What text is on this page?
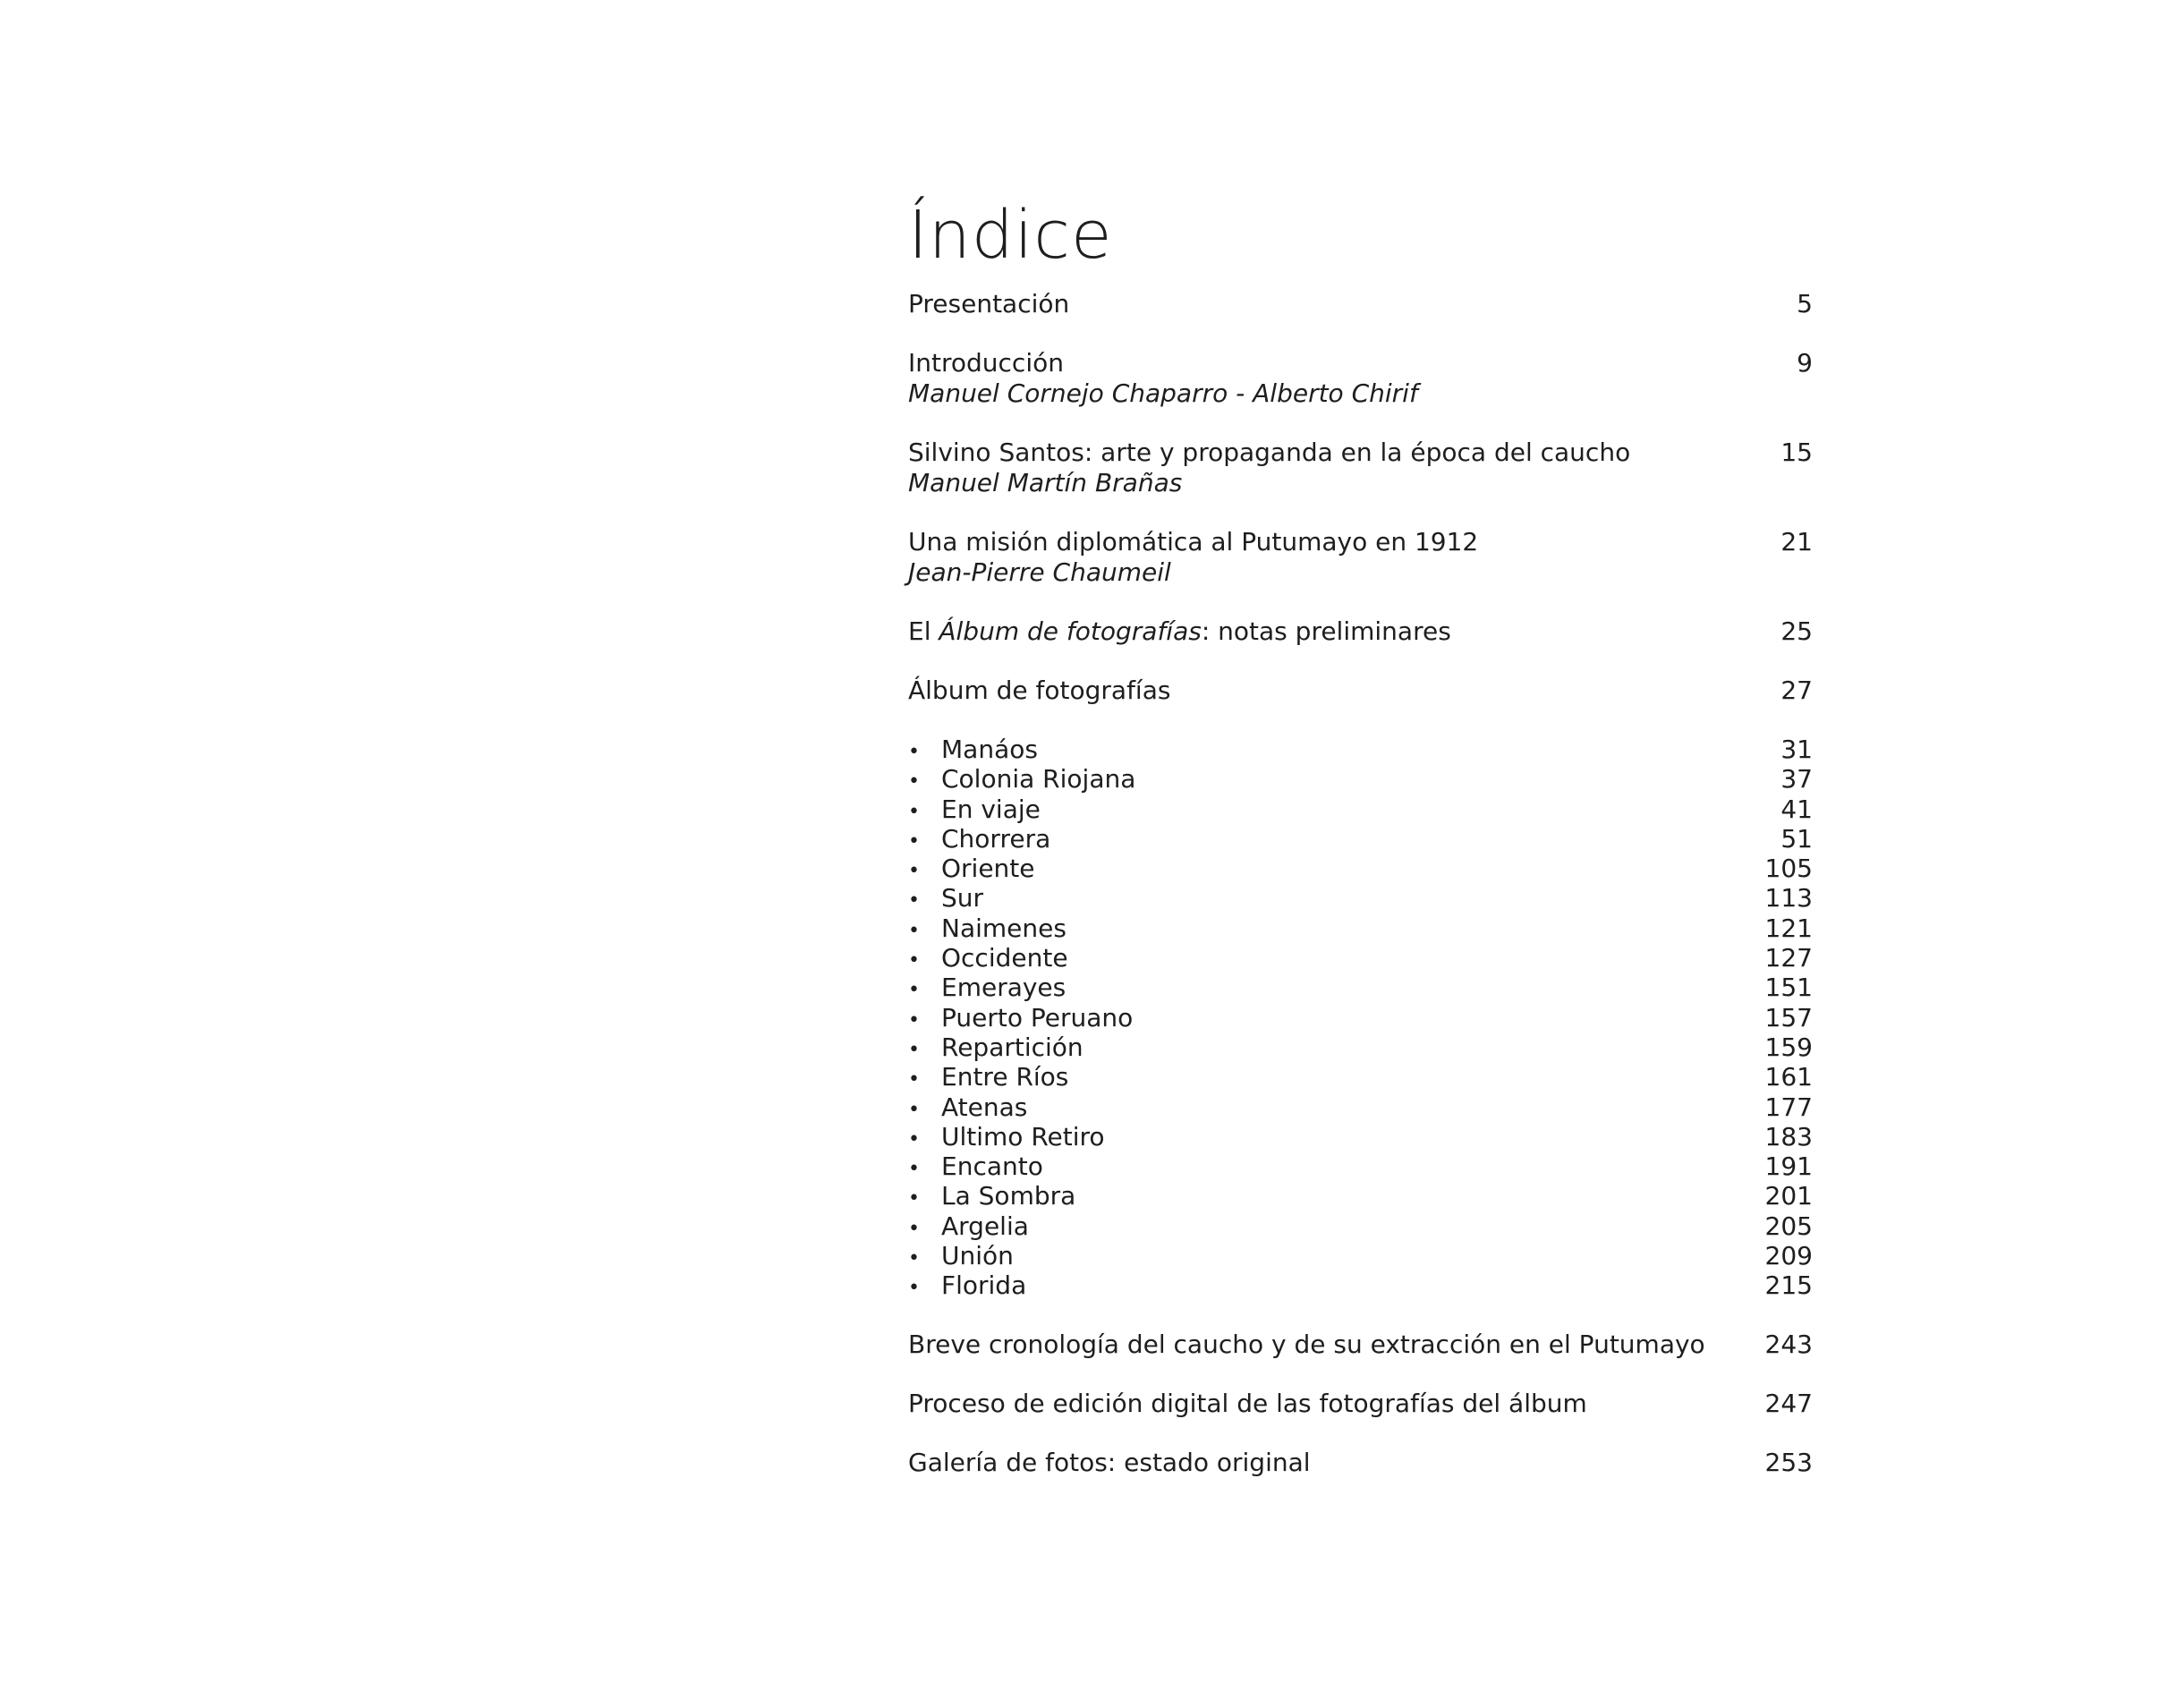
Índice
Presentación	5
Introducción	9
Manuel Cornejo Chaparro - Alberto Chirif
Silvino Santos: arte y propaganda en la época del caucho	15
Manuel Martín Brañas
Una misión diplomática al Putumayo en 1912	21
Jean-Pierre Chaumeil
El Álbum de fotografías: notas preliminares	25
Álbum de fotografías	27
• Manáos	31
• Colonia Riojana	37
• En viaje	41
• Chorrera	51
• Oriente	105
• Sur	113
• Naimenes	121
• Occidente	127
• Emerayes	151
• Puerto Peruano	157
• Repartición	159
• Entre Ríos	161
• Atenas	177
• Ultimo Retiro	183
• Encanto	191
• La Sombra	201
• Argelia	205
• Unión	209
• Florida	215
Breve cronología del caucho y de su extracción en el Putumayo 243
Proceso de edición digital de las fotografías del álbum	247
Galería de fotos: estado original	253
